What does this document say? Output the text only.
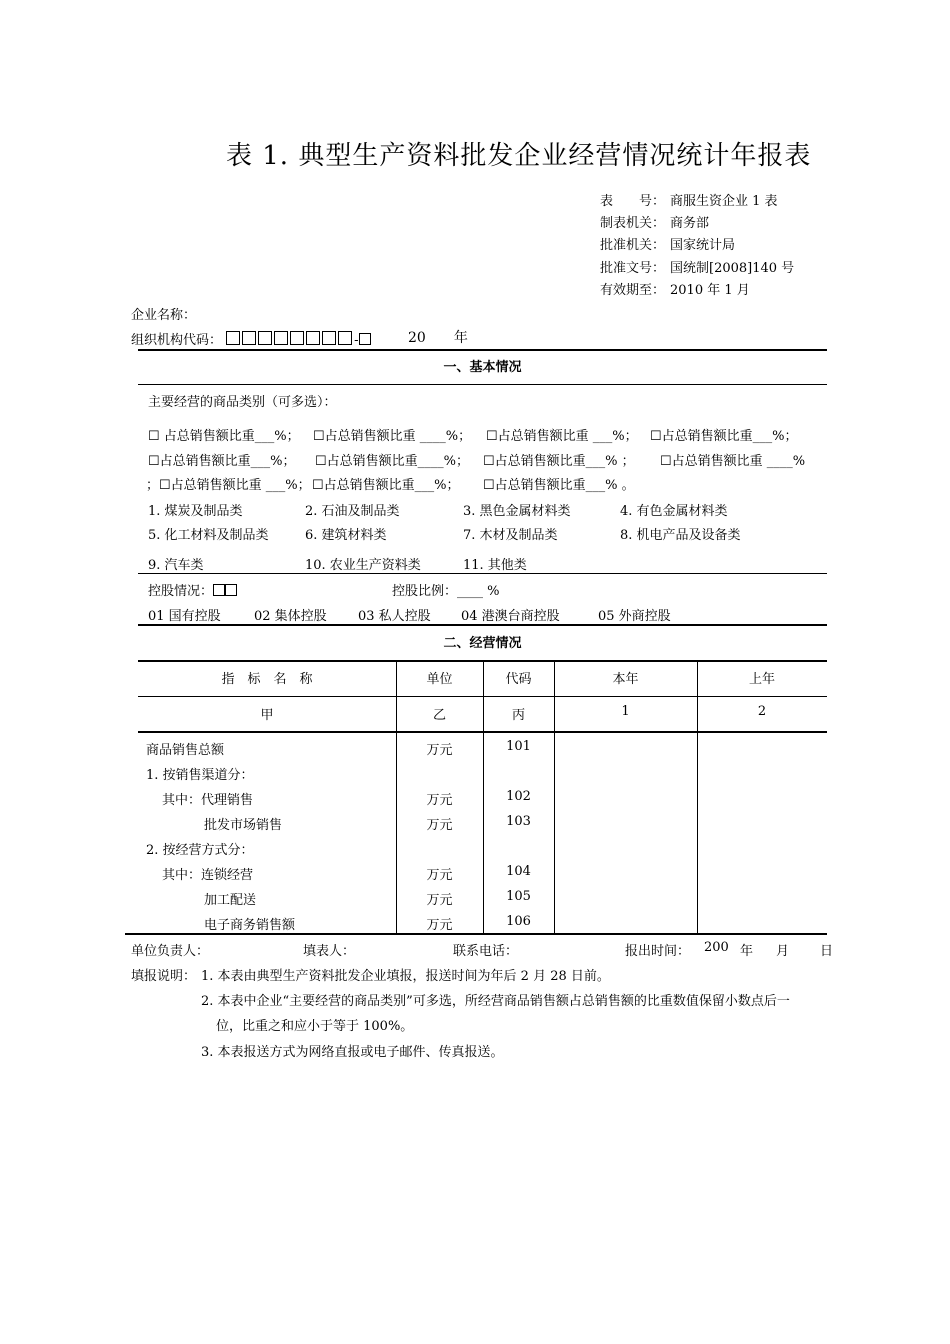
表 1. 典型生产资料批发企业经营情况统计年报表
表　　号： 商服生资企业 1 表
制表机关： 商务部
批准机关： 国家统计局
批准文号： 国统制[2008]140 号
有效期至： 2010 年 1 月
企业名称：
组织机构代码：	-	20 年
一、基本情况
主要经营的商品类别（可多选）：
☐ 占总销售额比重___%； ☐占总销售额比重 ____%； ☐占总销售额比重 ___%； ☐占总销售额比重___%；
☐占总销售额比重___%； ☐占总销售额比重____%； ☐占总销售额比重___% ； ☐占总销售额比重 ____%
；☐占总销售额比重 ___%； ☐占总销售额比重___%； ☐占总销售额比重___% 。
1. 煤炭及制品类	2. 石油及制品类	3. 黑色金属材料类	4. 有色金属材料类
5. 化工材料及制品类	6. 建筑材料类	7. 木材及制品类	8. 机电产品及设备类
9. 汽车类	10. 农业生产资料类	11. 其他类
控股情况：	控股比例：____ %
01 国有控股	02 集体控股 03 私人控股 04 港澳台商控股	05 外商控股
二、经营情况
指　标　名　称	单位	代码	本年	上年
甲	乙	丙	1	2
商品销售总额	万元	101
1. 按销售渠道分：
其中：代理销售	万元	102
批发市场销售	万元	103
2. 按经营方式分：
其中：连锁经营	万元	104
加工配送	万元	105
电子商务销售额	万元	106
单位负责人：	填表人：	联系电话：	报出时间： 200 年 月 日
填报说明： 1. 本表由典型生产资料批发企业填报，报送时间为年后 2 月 28 日前。
2. 本表中企业“主要经营的商品类别”可多选，所经营商品销售额占总销售额的比重数值保留小数点后一
位，比重之和应小于等于 100%。
3. 本表报送方式为网络直报或电子邮件、传真报送。
